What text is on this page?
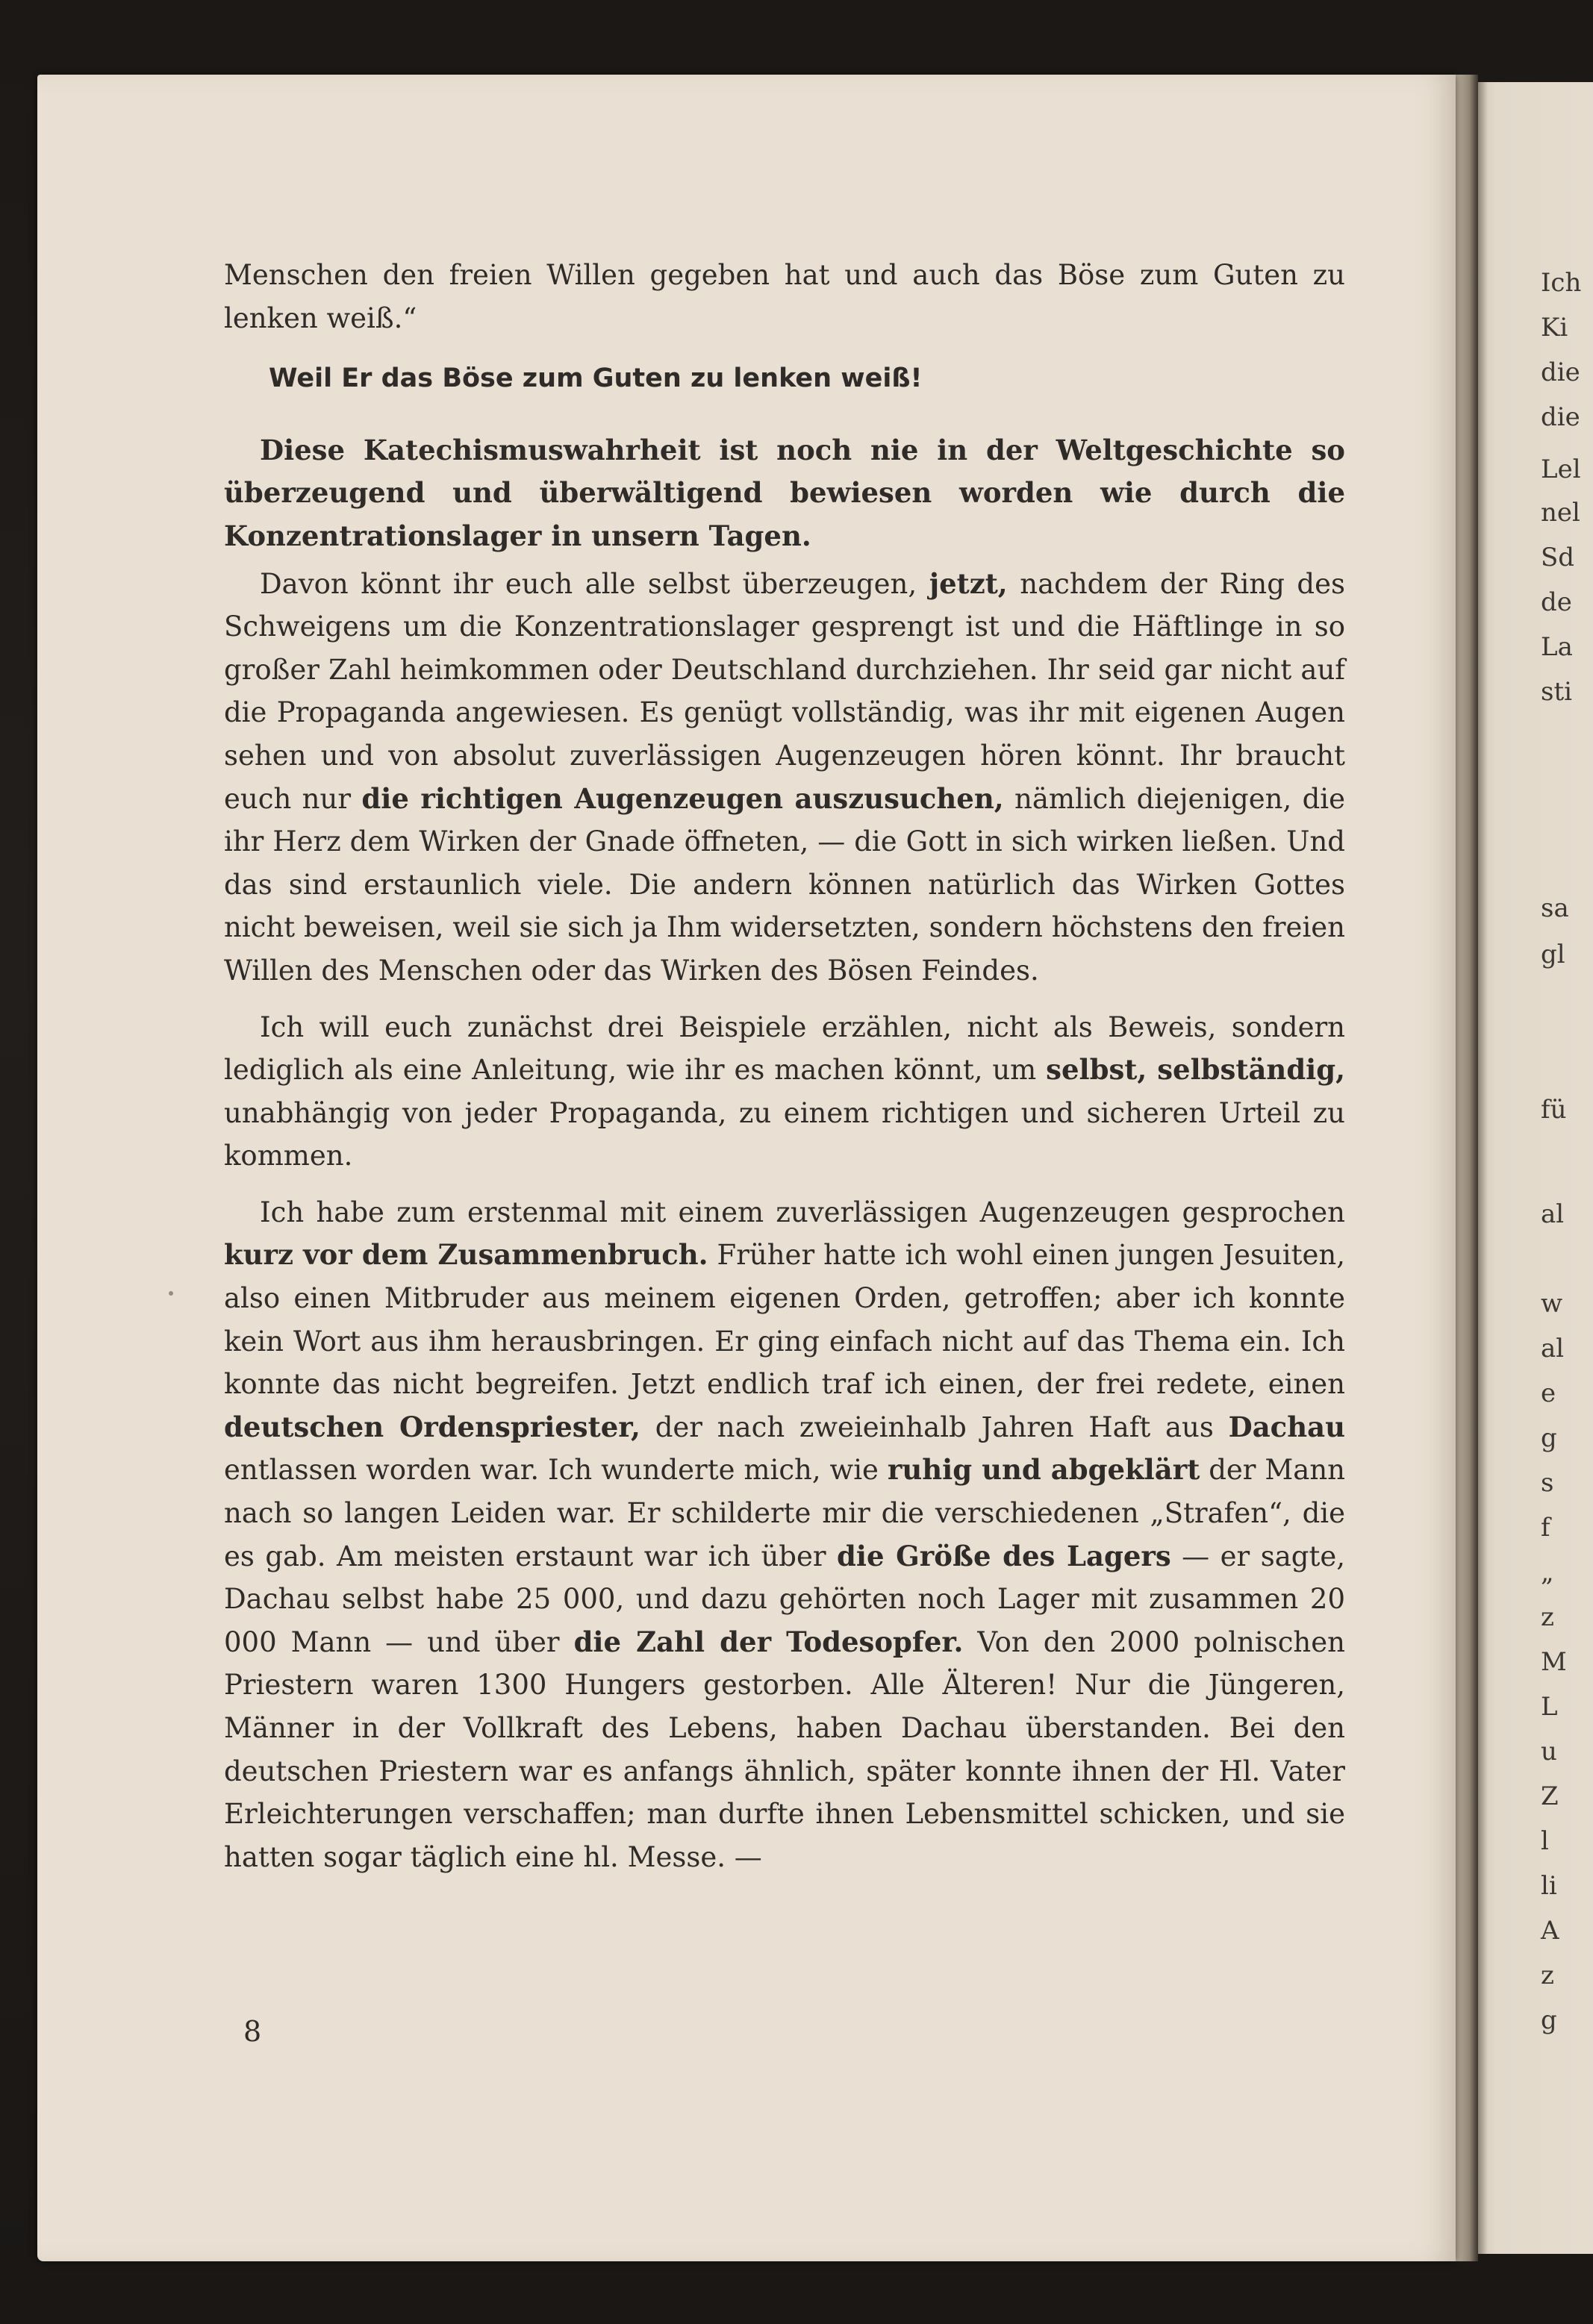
Menschen den freien Willen gegeben hat und auch das Böse zum Guten zu lenken weiß.“

Weil Er das Böse zum Guten zu lenken weiß!

Diese Katechismuswahrheit ist noch nie in der Weltgeschichte so überzeugend und überwältigend bewiesen worden wie durch die Konzentrationslager in unsern Tagen.

Davon könnt ihr euch alle selbst überzeugen, jetzt, nachdem der Ring des Schweigens um die Konzentrationslager gesprengt ist und die Häftlinge in so großer Zahl heimkommen oder Deutschland durchziehen. Ihr seid gar nicht auf die Propaganda angewiesen. Es genügt vollständig, was ihr mit eigenen Augen sehen und von absolut zuverlässigen Augenzeugen hören könnt. Ihr braucht euch nur die richtigen Augenzeugen auszusuchen, nämlich diejenigen, die ihr Herz dem Wirken der Gnade öffneten, — die Gott in sich wirken ließen. Und das sind erstaunlich viele. Die andern können natürlich das Wirken Gottes nicht beweisen, weil sie sich ja Ihm widersetzten, sondern höchstens den freien Willen des Menschen oder das Wirken des Bösen Feindes.

Ich will euch zunächst drei Beispiele erzählen, nicht als Beweis, sondern lediglich als eine Anleitung, wie ihr es machen könnt, um selbst, selbständig, unabhängig von jeder Propaganda, zu einem richtigen und sicheren Urteil zu kommen.

Ich habe zum erstenmal mit einem zuverlässigen Augenzeugen gesprochen kurz vor dem Zusammenbruch. Früher hatte ich wohl einen jungen Jesuiten, also einen Mitbruder aus meinem eigenen Orden, getroffen; aber ich konnte kein Wort aus ihm herausbringen. Er ging einfach nicht auf das Thema ein. Ich konnte das nicht begreifen. Jetzt endlich traf ich einen, der frei redete, einen deutschen Ordenspriester, der nach zweieinhalb Jahren Haft aus Dachau entlassen worden war. Ich wunderte mich, wie ruhig und abgeklärt der Mann nach so langen Leiden war. Er schilderte mir die verschiedenen „Strafen“, die es gab. Am meisten erstaunt war ich über die Größe des Lagers — er sagte, Dachau selbst habe 25 000, und dazu gehörten noch Lager mit zusammen 20 000 Mann — und über die Zahl der Todesopfer. Von den 2000 polnischen Priestern waren 1300 Hungers gestorben. Alle Älteren! Nur die Jüngeren, Männer in der Vollkraft des Lebens, haben Dachau überstanden. Bei den deutschen Priestern war es anfangs ähnlich, später konnte ihnen der Hl. Vater Erleichterungen verschaffen; man durfte ihnen Lebensmittel schicken, und sie hatten sogar täglich eine hl. Messe. —

8
Ich
Ki
die
die
Lel
nel
Sd
de
La
sti
sa
gl
fü
al
w
al
e
g
s
f
„
z
M
L
u
Z
l
li
A
z
g
